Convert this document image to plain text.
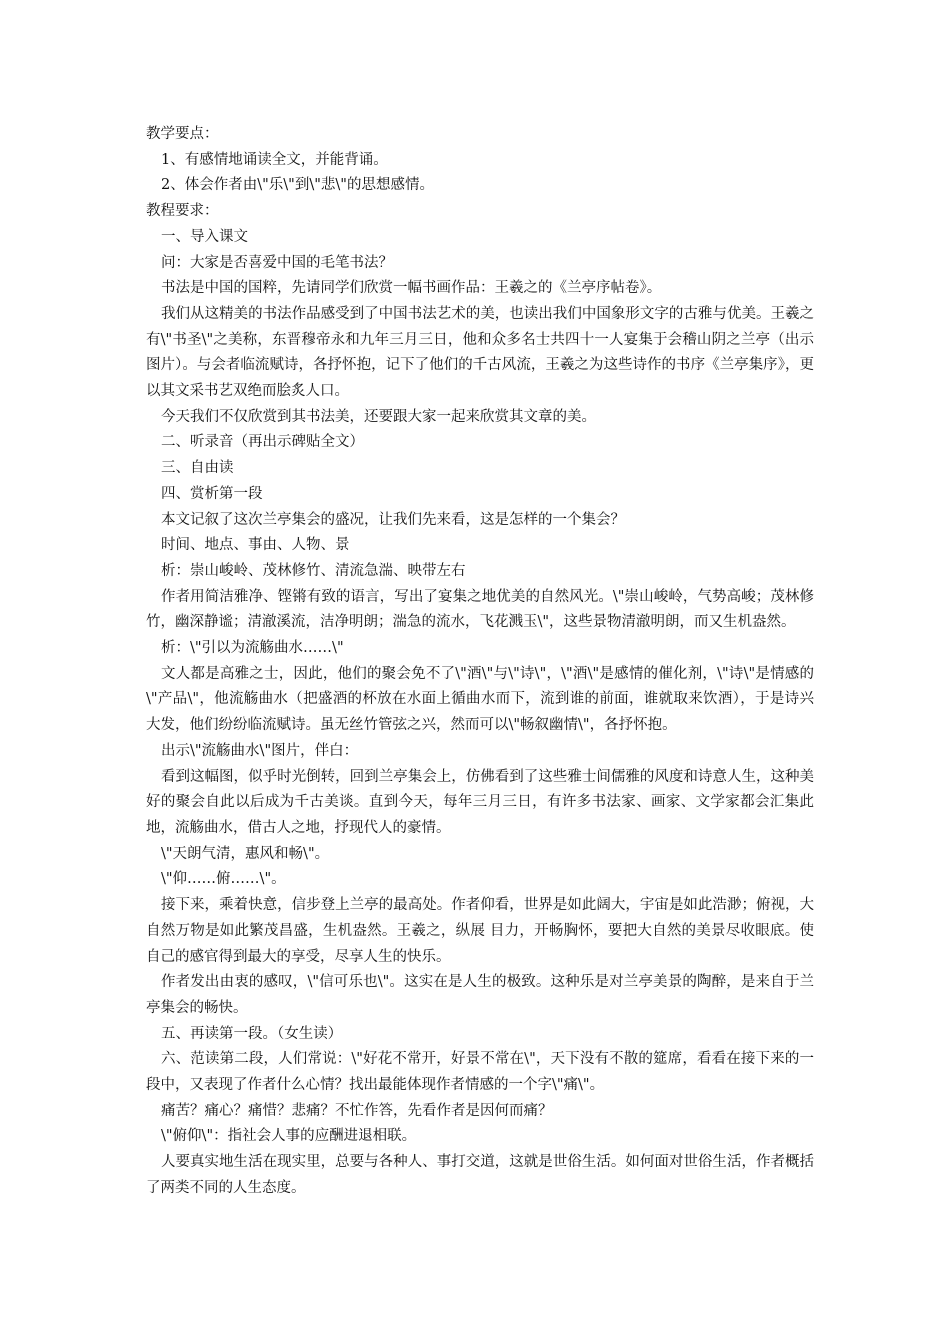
教学要点：
1、有感情地诵读全文，并能背诵。
2、体会作者由\"乐\"到\"悲\"的思想感情。
教程要求：
一、导入课文
问：大家是否喜爱中国的毛笔书法？
书法是中国的国粹，先请同学们欣赏一幅书画作品：王羲之的《兰亭序帖卷》。
我们从这精美的书法作品感受到了中国书法艺术的美，也读出我们中国象形文字的古雅与优美。王羲之有\"书圣\"之美称，东晋穆帝永和九年三月三日，他和众多名士共四十一人宴集于会稽山阴之兰亭（出示图片）。与会者临流赋诗，各抒怀抱，记下了他们的千古风流，王羲之为这些诗作的书序《兰亭集序》，更以其文采书艺双绝而脍炙人口。
今天我们不仅欣赏到其书法美，还要跟大家一起来欣赏其文章的美。
二、听录音（再出示碑贴全文）
三、自由读
四、赏析第一段
本文记叙了这次兰亭集会的盛况，让我们先来看，这是怎样的一个集会？
时间、地点、事由、人物、景
析：崇山峻岭、茂林修竹、清流急湍、映带左右
作者用简洁雅净、铿锵有致的语言，写出了宴集之地优美的自然风光。\"崇山峻岭，气势高峻；茂林修竹，幽深静谧；清澈溪流，洁净明朗；湍急的流水，飞花溅玉\"，这些景物清澈明朗，而又生机盎然。
析：\"引以为流觞曲水……\"
文人都是高雅之士，因此，他们的聚会免不了\"酒\"与\"诗\"，\"酒\"是感情的催化剂，\"诗\"是情感的\"产品\"，他流觞曲水（把盛酒的杯放在水面上循曲水而下，流到谁的前面，谁就取来饮酒），于是诗兴大发，他们纷纷临流赋诗。虽无丝竹管弦之兴，然而可以\"畅叙幽情\"，各抒怀抱。
出示\"流觞曲水\"图片，伴白：
看到这幅图，似乎时光倒转，回到兰亭集会上，仿佛看到了这些雅士间儒雅的风度和诗意人生，这种美好的聚会自此以后成为千古美谈。直到今天，每年三月三日，有许多书法家、画家、文学家都会汇集此地，流觞曲水，借古人之地，抒现代人的豪情。
\"天朗气清，惠风和畅\"。
\"仰……俯……\"。
接下来，乘着快意，信步登上兰亭的最高处。作者仰看，世界是如此阔大，宇宙是如此浩渺；俯视，大自然万物是如此繁茂昌盛，生机盎然。王羲之，纵展 目力，开畅胸怀，要把大自然的美景尽收眼底。使自己的感官得到最大的享受，尽享人生的快乐。
作者发出由衷的感叹，\"信可乐也\"。这实在是人生的极致。这种乐是对兰亭美景的陶醉，是来自于兰亭集会的畅快。
五、再读第一段。（女生读）
六、范读第二段，人们常说：\"好花不常开，好景不常在\"，天下没有不散的筵席，看看在接下来的一段中，又表现了作者什么心情？找出最能体现作者情感的一个字\"痛\"。
痛苦？痛心？痛惜？悲痛？不忙作答，先看作者是因何而痛？
\"俯仰\"：指社会人事的应酬进退相联。
人要真实地生活在现实里，总要与各种人、事打交道，这就是世俗生活。如何面对世俗生活，作者概括了两类不同的人生态度。
